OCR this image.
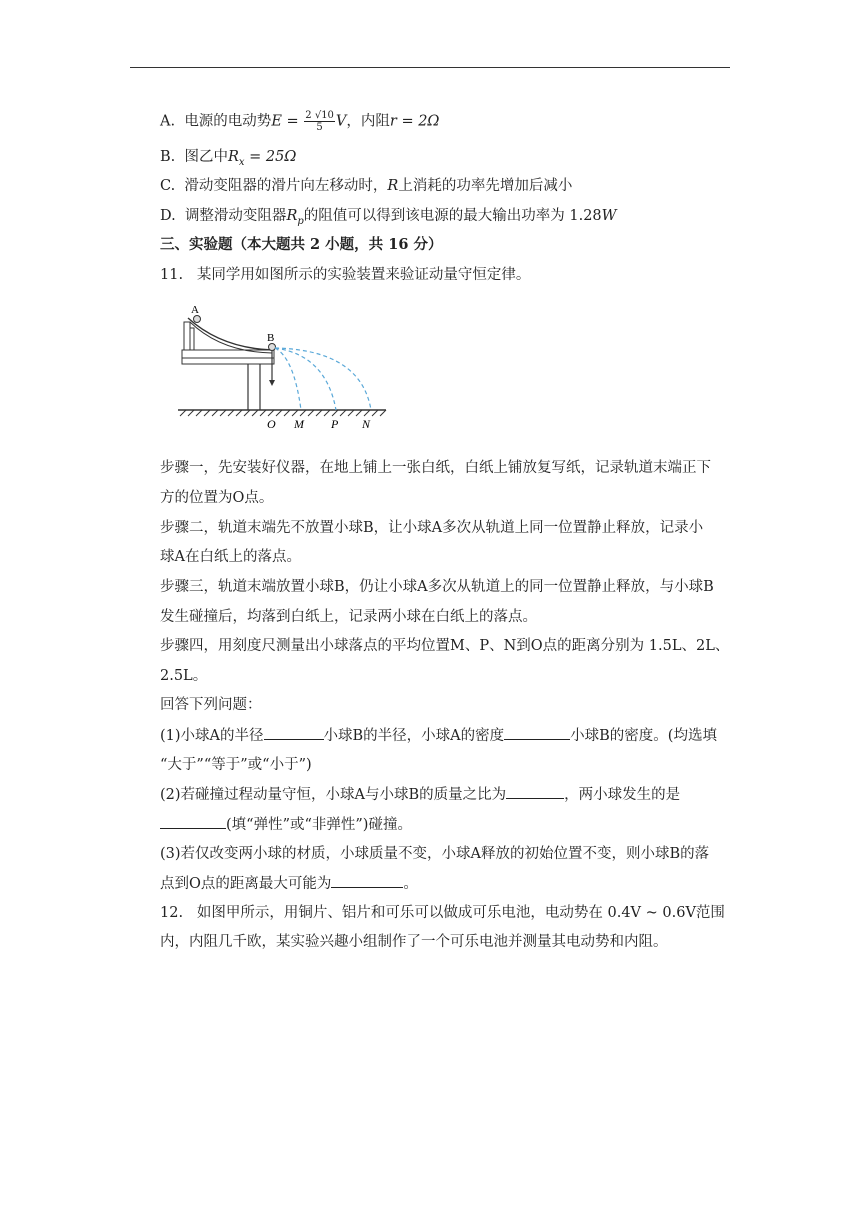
A. 电源的电动势$E = \frac{2 √10}{5}$ V，内阻r = 2Ω
B. 图乙中$R_x = 25\Omega$
C. 滑动变阻器的滑片向左移动时，R上消耗的功率先增加后减小
D. 调整滑动变阻器$R_p$的阻值可以得到该电源的最大输出功率为 1.28W
三、实验题（本大题共 2 小题，共 16 分）
11. 某同学用如图所示的实验装置来验证动量守恒定律。
A
B
O M P N
步骤一，先安装好仪器，在地上铺上一张白纸，白纸上铺放复写纸，记录轨道末端正下
方的位置为O点。
步骤二，轨道末端先不放置小球B，让小球A多次从轨道上同一位置静止释放，记录小
球A在白纸上的落点。
步骤三，轨道末端放置小球B，仍让小球A多次从轨道上的同一位置静止释放，与小球B
发生碰撞后，均落到白纸上，记录两小球在白纸上的落点。
步骤四，用刻度尺测量出小球落点的平均位置M、P、N到O点的距离分别为 1.5L、2L、
2.5L。
回答下列问题：
(1)小球A的半径	小球B的半径，小球A的密度	小球B的密度。(均选填
“大于”“等于”或“小于”)
(2)若碰撞过程动量守恒，小球A与小球B的质量之比为	，两小球发生的是
(填“弹性”或“非弹性”)碰撞。
(3)若仅改变两小球的材质，小球质量不变，小球A释放的初始位置不变，则小球B的落
点到O点的距离最大可能为	。
12. 如图甲所示，用铜片、铝片和可乐可以做成可乐电池，电动势在 0.4V ~ 0.6V范围
内，内阻几千欧，某实验兴趣小组制作了一个可乐电池并测量其电动势和内阻。
